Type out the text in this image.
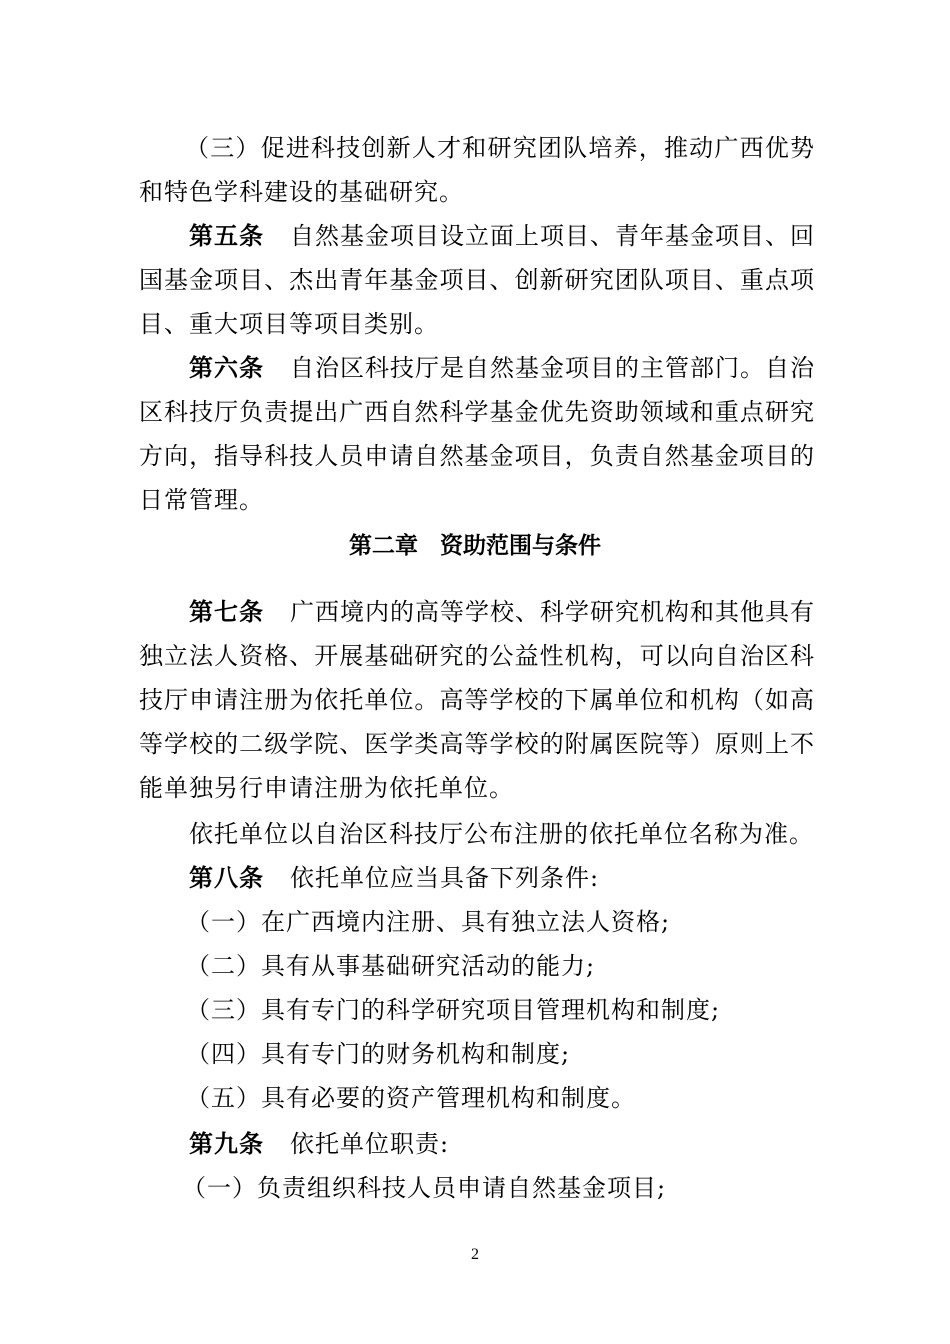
（三）促进科技创新人才和研究团队培养，推动广西优势和特色学科建设的基础研究。

第五条 自然基金项目设立面上项目、青年基金项目、回国基金项目、杰出青年基金项目、创新研究团队项目、重点项目、重大项目等项目类别。

第六条 自治区科技厅是自然基金项目的主管部门。自治区科技厅负责提出广西自然科学基金优先资助领域和重点研究方向，指导科技人员申请自然基金项目，负责自然基金项目的日常管理。

第二章 资助范围与条件

第七条 广西境内的高等学校、科学研究机构和其他具有独立法人资格、开展基础研究的公益性机构，可以向自治区科技厅申请注册为依托单位。高等学校的下属单位和机构（如高等学校的二级学院、医学类高等学校的附属医院等）原则上不能单独另行申请注册为依托单位。

依托单位以自治区科技厅公布注册的依托单位名称为准。

第八条 依托单位应当具备下列条件:

（一）在广西境内注册、具有独立法人资格;

（二）具有从事基础研究活动的能力;

（三）具有专门的科学研究项目管理机构和制度;

（四）具有专门的财务机构和制度;

（五）具有必要的资产管理机构和制度。

第九条 依托单位职责:

（一）负责组织科技人员申请自然基金项目;

2
